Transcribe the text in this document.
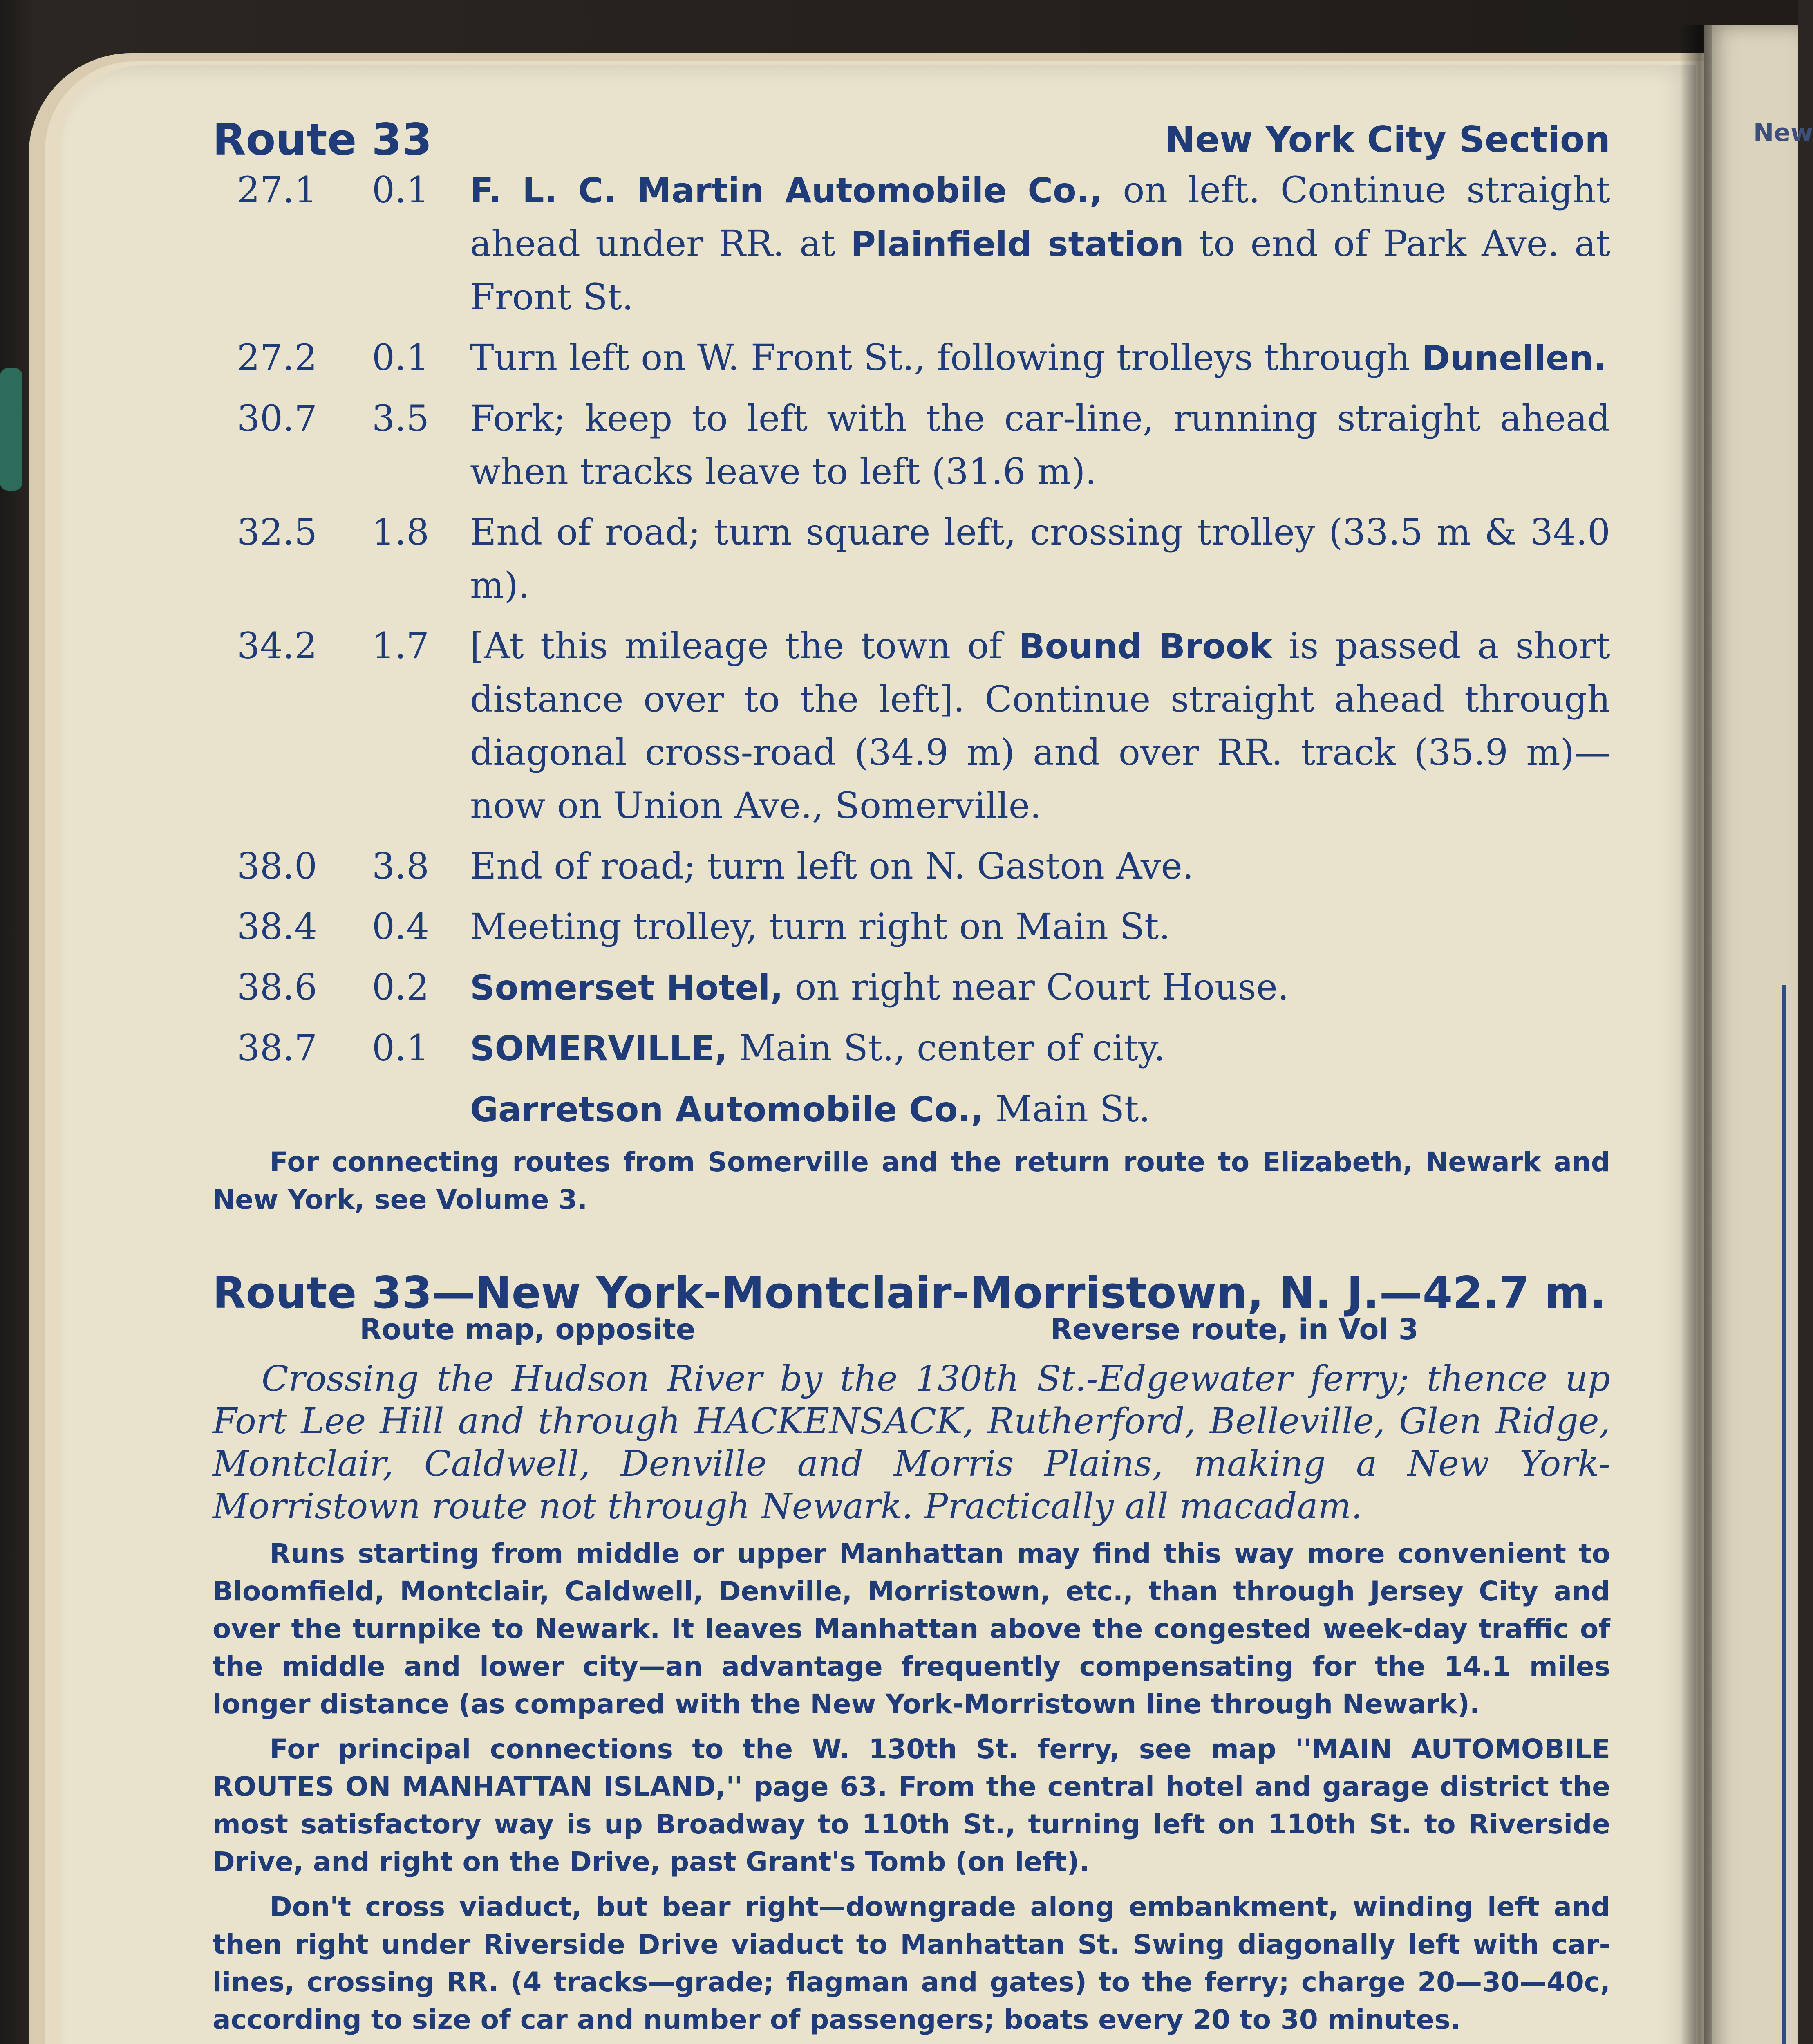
New
Route 33	New York City Section
27.1 0.1	F. L. C. Martin Automobile Co., on left. Continue straight ahead under RR. at Plainfield station to end of Park Ave. at Front St.
27.2 0.1	Turn left on W. Front St., following trolleys through Dunellen.
30.7 3.5	Fork; keep to left with the car-line, running straight ahead when tracks leave to left (31.6 m).
32.5 1.8	End of road; turn square left, crossing trolley (33.5 m & 34.0 m).
34.2 1.7	[At this mileage the town of Bound Brook is passed a short distance over to the left]. Continue straight ahead through diagonal cross-road (34.9 m) and over RR. track (35.9 m)—now on Union Ave., Somerville.
38.0 3.8	End of road; turn left on N. Gaston Ave.
38.4 0.4	Meeting trolley, turn right on Main St.
38.6 0.2	Somerset Hotel, on right near Court House.
38.7 0.1	SOMERVILLE, Main St., center of city.
Garretson Automobile Co., Main St.
For connecting routes from Somerville and the return route to Elizabeth, Newark and New York, see Volume 3.
Route 33—New York-Montclair-Morristown, N. J.—42.7 m.
Route map, opposite	Reverse route, in Vol 3
Crossing the Hudson River by the 130th St.-Edgewater ferry; thence up Fort Lee Hill and through HACKENSACK, Rutherford, Belleville, Glen Ridge, Montclair, Caldwell, Denville and Morris Plains, making a New York-Morristown route not through Newark. Practically all macadam.
Runs starting from middle or upper Manhattan may find this way more convenient to Bloomfield, Montclair, Caldwell, Denville, Morristown, etc., than through Jersey City and over the turnpike to Newark. It leaves Manhattan above the congested week-day traffic of the middle and lower city—an advantage frequently compensating for the 14.1 miles longer distance (as compared with the New York-Morristown line through Newark).
For principal connections to the W. 130th St. ferry, see map ''MAIN AUTOMOBILE ROUTES ON MANHATTAN ISLAND,'' page 63. From the central hotel and garage district the most satisfactory way is up Broadway to 110th St., turning left on 110th St. to Riverside Drive, and right on the Drive, past Grant's Tomb (on left).
Don't cross viaduct, but bear right—downgrade along embankment, winding left and then right under Riverside Drive viaduct to Manhattan St. Swing diagonally left with car-lines, crossing RR. (4 tracks—grade; flagman and gates) to the ferry; charge 20—30—40c, according to size of car and number of passengers; boats every 20 to 30 minutes.
